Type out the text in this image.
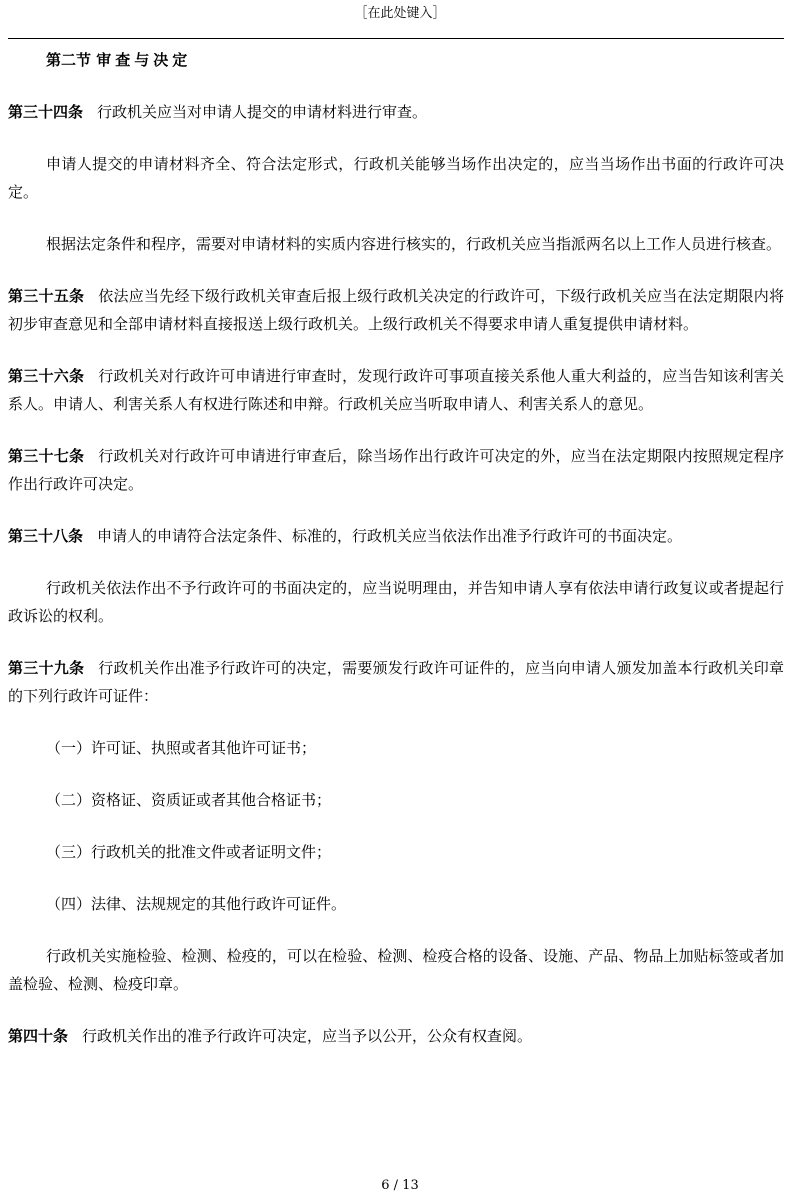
［在此处键入］

第二节 审查与决定

第三十四条 行政机关应当对申请人提交的申请材料进行审查。

申请人提交的申请材料齐全、符合法定形式，行政机关能够当场作出决定的，应当当场作出书面的行政许可决定。

根据法定条件和程序，需要对申请材料的实质内容进行核实的，行政机关应当指派两名以上工作人员进行核查。

第三十五条 依法应当先经下级行政机关审查后报上级行政机关决定的行政许可，下级行政机关应当在法定期限内将初步审查意见和全部申请材料直接报送上级行政机关。上级行政机关不得要求申请人重复提供申请材料。

第三十六条 行政机关对行政许可申请进行审查时，发现行政许可事项直接关系他人重大利益的，应当告知该利害关系人。申请人、利害关系人有权进行陈述和申辩。行政机关应当听取申请人、利害关系人的意见。

第三十七条 行政机关对行政许可申请进行审查后，除当场作出行政许可决定的外，应当在法定期限内按照规定程序作出行政许可决定。

第三十八条 申请人的申请符合法定条件、标准的，行政机关应当依法作出准予行政许可的书面决定。

行政机关依法作出不予行政许可的书面决定的，应当说明理由，并告知申请人享有依法申请行政复议或者提起行政诉讼的权利。

第三十九条 行政机关作出准予行政许可的决定，需要颁发行政许可证件的，应当向申请人颁发加盖本行政机关印章的下列行政许可证件：

（一）许可证、执照或者其他许可证书；

（二）资格证、资质证或者其他合格证书；

（三）行政机关的批准文件或者证明文件；

（四）法律、法规规定的其他行政许可证件。

行政机关实施检验、检测、检疫的，可以在检验、检测、检疫合格的设备、设施、产品、物品上加贴标签或者加盖检验、检测、检疫印章。

第四十条 行政机关作出的准予行政许可决定，应当予以公开，公众有权查阅。

6 / 13
